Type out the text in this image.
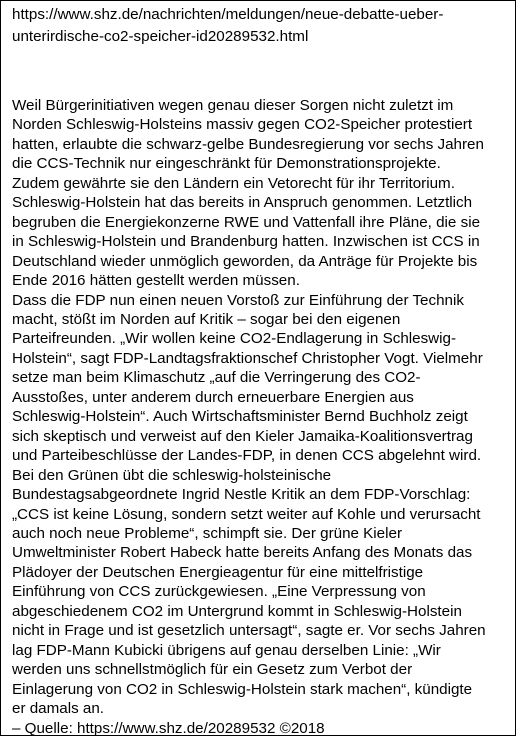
https://www.shz.de/nachrichten/meldungen/neue-debatte-ueber-
unterirdische-co2-speicher-id20289532.html
Weil Bürgerinitiativen wegen genau dieser Sorgen nicht zuletzt im
Norden Schleswig-Holsteins massiv gegen CO2-Speicher protestiert
hatten, erlaubte die schwarz-gelbe Bundesregierung vor sechs Jahren
die CCS-Technik nur eingeschränkt für Demonstrationsprojekte.
Zudem gewährte sie den Ländern ein Vetorecht für ihr Territorium.
Schleswig-Holstein hat das bereits in Anspruch genommen. Letztlich
begruben die Energiekonzerne RWE und Vattenfall ihre Pläne, die sie
in Schleswig-Holstein und Brandenburg hatten. Inzwischen ist CCS in
Deutschland wieder unmöglich geworden, da Anträge für Projekte bis
Ende 2016 hätten gestellt werden müssen.
Dass die FDP nun einen neuen Vorstoß zur Einführung der Technik
macht, stößt im Norden auf Kritik – sogar bei den eigenen
Parteifreunden. „Wir wollen keine CO2-Endlagerung in Schleswig-
Holstein“, sagt FDP-Landtagsfraktionschef Christopher Vogt. Vielmehr
setze man beim Klimaschutz „auf die Verringerung des CO2-
Ausstoßes, unter anderem durch erneuerbare Energien aus
Schleswig-Holstein“. Auch Wirtschaftsminister Bernd Buchholz zeigt
sich skeptisch und verweist auf den Kieler Jamaika-Koalitionsvertrag
und Parteibeschlüsse der Landes-FDP, in denen CCS abgelehnt wird.
Bei den Grünen übt die schleswig-holsteinische
Bundestagsabgeordnete Ingrid Nestle Kritik an dem FDP-Vorschlag:
„CCS ist keine Lösung, sondern setzt weiter auf Kohle und verursacht
auch noch neue Probleme“, schimpft sie. Der grüne Kieler
Umweltminister Robert Habeck hatte bereits Anfang des Monats das
Plädoyer der Deutschen Energieagentur für eine mittelfristige
Einführung von CCS zurückgewiesen. „Eine Verpressung von
abgeschiedenem CO2 im Untergrund kommt in Schleswig-Holstein
nicht in Frage und ist gesetzlich untersagt“, sagte er. Vor sechs Jahren
lag FDP-Mann Kubicki übrigens auf genau derselben Linie: „Wir
werden uns schnellstmöglich für ein Gesetz zum Verbot der
Einlagerung von CO2 in Schleswig-Holstein stark machen“, kündigte
er damals an.
– Quelle: https://www.shz.de/20289532 ©2018
